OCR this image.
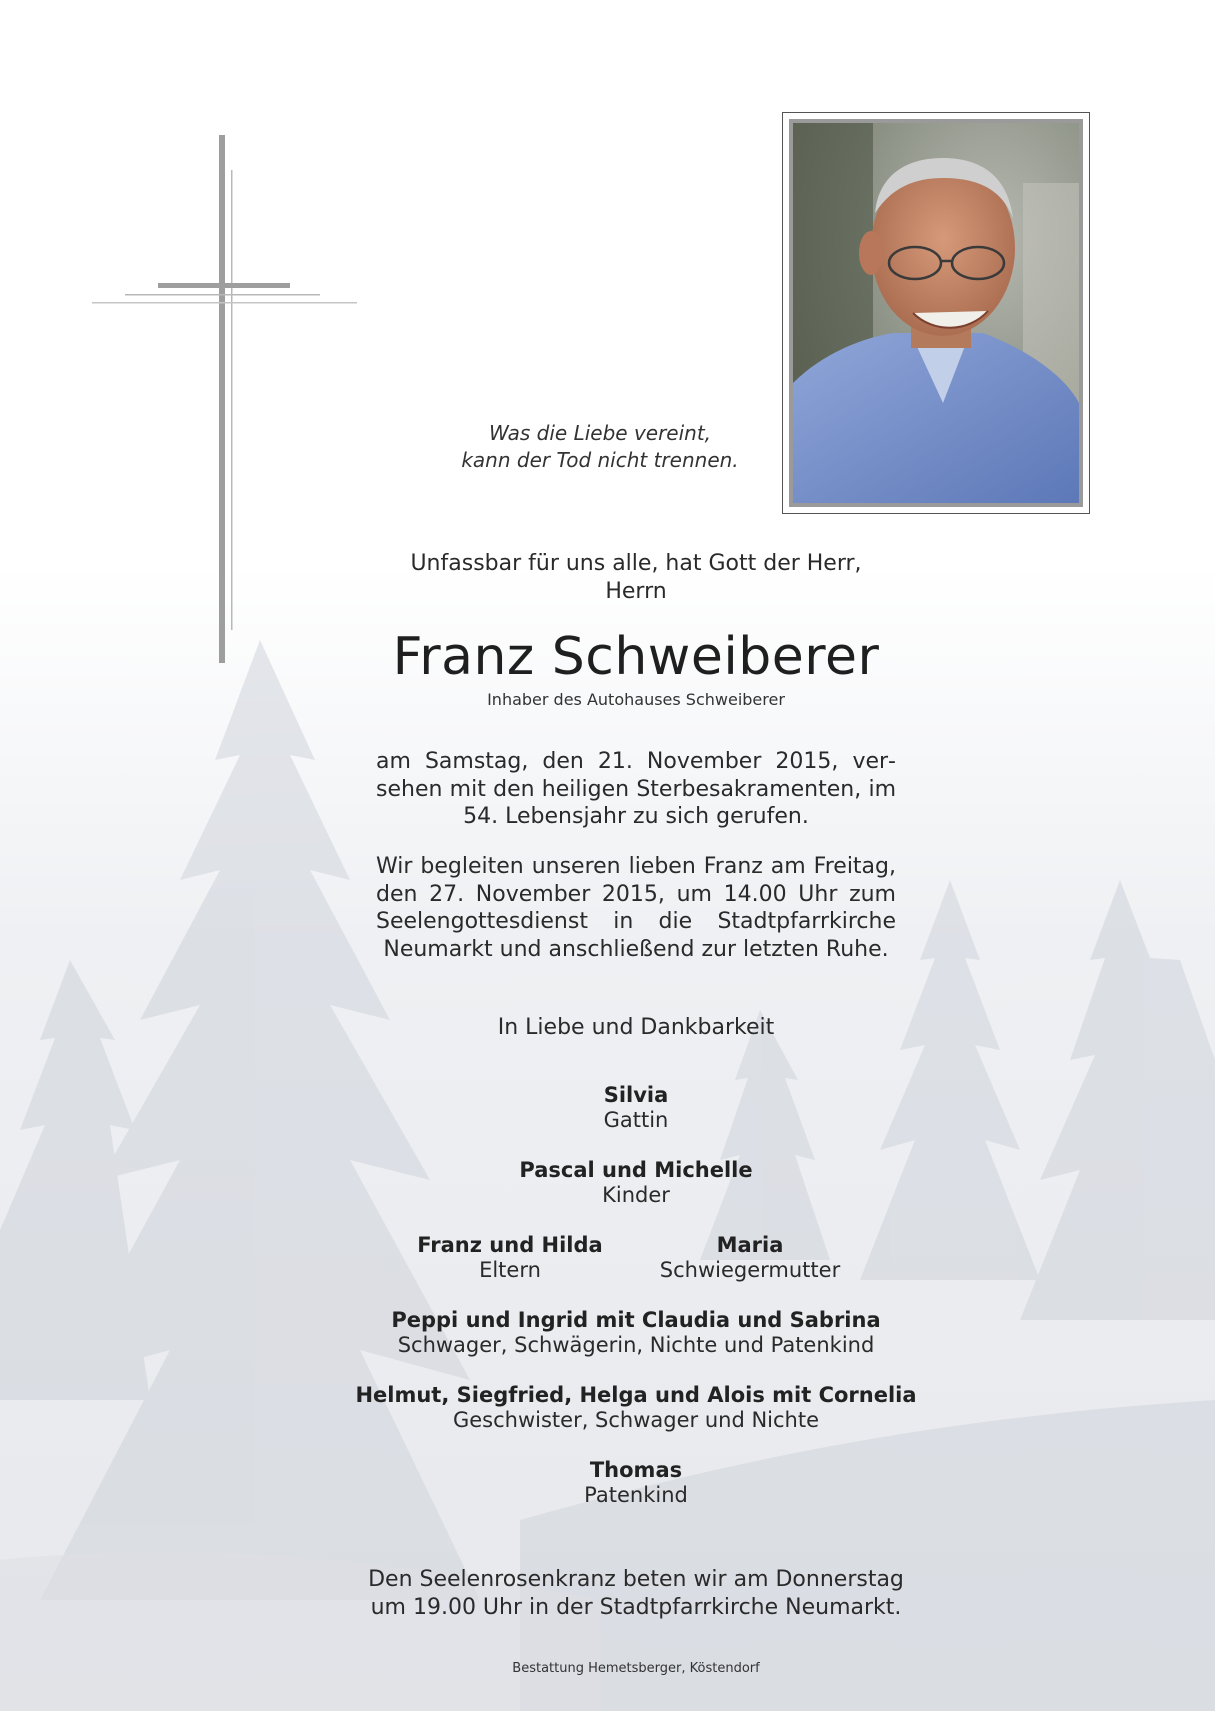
Was die Liebe vereint,
kann der Tod nicht trennen.
Unfassbar für uns alle, hat Gott der Herr,
Herrn
Franz Schweiberer
Inhaber des Autohauses Schweiberer
am Samstag, den 21. November 2015, versehen mit den heiligen Sterbesakramenten, im 54. Lebensjahr zu sich gerufen.
Wir begleiten unseren lieben Franz am Freitag, den 27. November 2015, um 14.00 Uhr zum Seelengottesdienst in die Stadtpfarrkirche Neumarkt und anschließend zur letzten Ruhe.
In Liebe und Dankbarkeit
Silvia
Gattin
Pascal und Michelle
Kinder
Franz und Hilda
Eltern
Maria
Schwiegermutter
Peppi und Ingrid mit Claudia und Sabrina
Schwager, Schwägerin, Nichte und Patenkind
Helmut, Siegfried, Helga und Alois mit Cornelia
Geschwister, Schwager und Nichte
Thomas
Patenkind
Den Seelenrosenkranz beten wir am Donnerstag
um 19.00 Uhr in der Stadtpfarrkirche Neumarkt.
Bestattung Hemetsberger, Köstendorf
